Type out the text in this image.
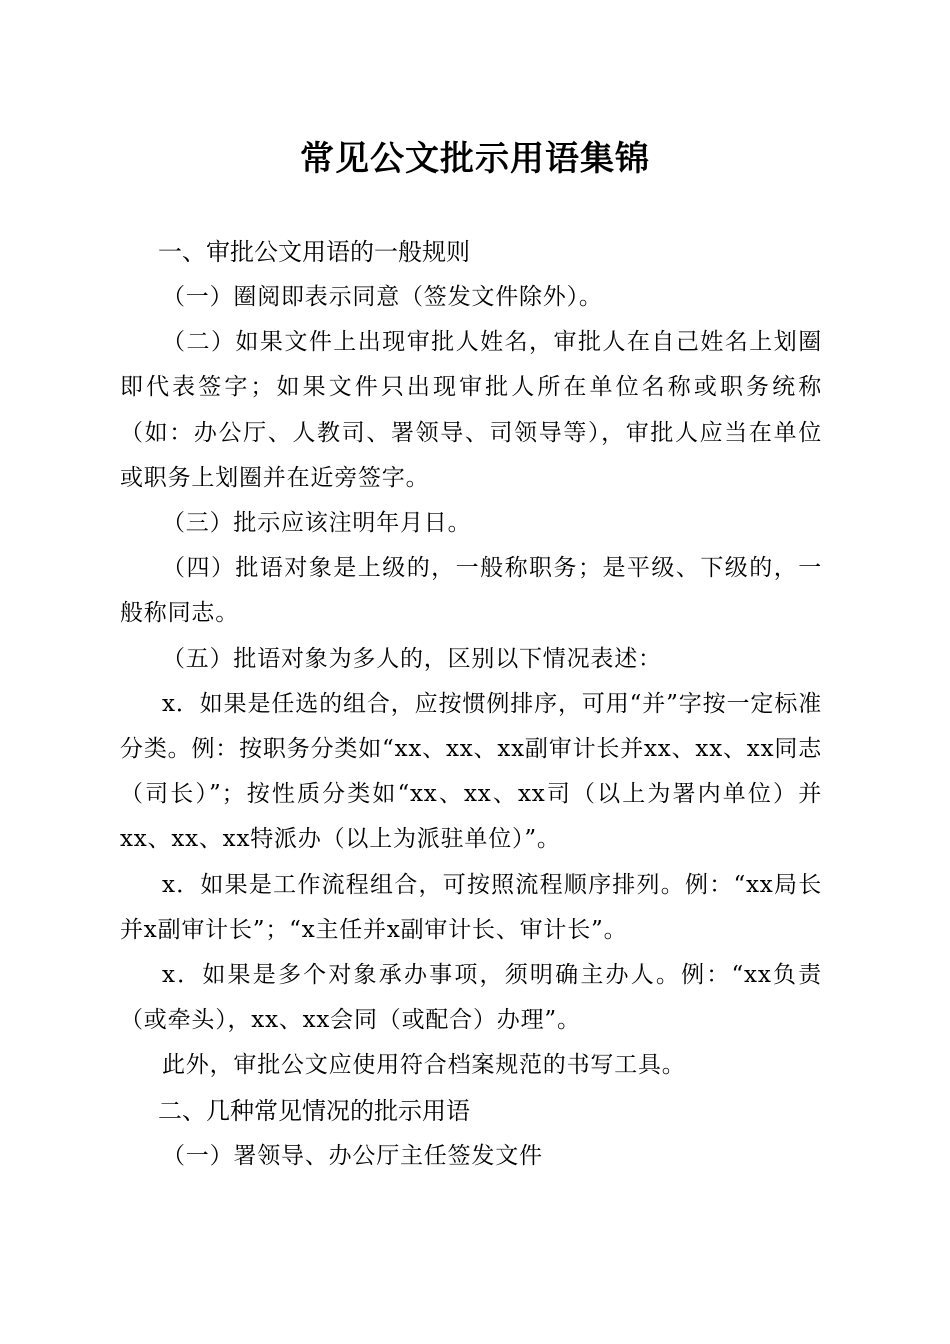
常见公文批示用语集锦

一、审批公文用语的一般规则

（一）圈阅即表示同意（签发文件除外）。

（二）如果文件上出现审批人姓名，审批人在自己姓名上划圈即代表签字；如果文件只出现审批人所在单位名称或职务统称（如：办公厅、人教司、署领导、司领导等），审批人应当在单位或职务上划圈并在近旁签字。

（三）批示应该注明年月日。

（四）批语对象是上级的，一般称职务；是平级、下级的，一般称同志。

（五）批语对象为多人的，区别以下情况表述：

x．如果是任选的组合，应按惯例排序，可用“并”字按一定标准分类。例：按职务分类如“xx、xx、xx副审计长并xx、xx、xx同志（司长）”；按性质分类如“xx、xx、xx司（以上为署内单位）并xx、xx、xx特派办（以上为派驻单位）”。

x．如果是工作流程组合，可按照流程顺序排列。例：“xx局长并x副审计长”；“x主任并x副审计长、审计长”。

x．如果是多个对象承办事项，须明确主办人。例：“xx负责（或牵头），xx、xx会同（或配合）办理”。

此外，审批公文应使用符合档案规范的书写工具。

二、几种常见情况的批示用语

（一）署领导、办公厅主任签发文件
